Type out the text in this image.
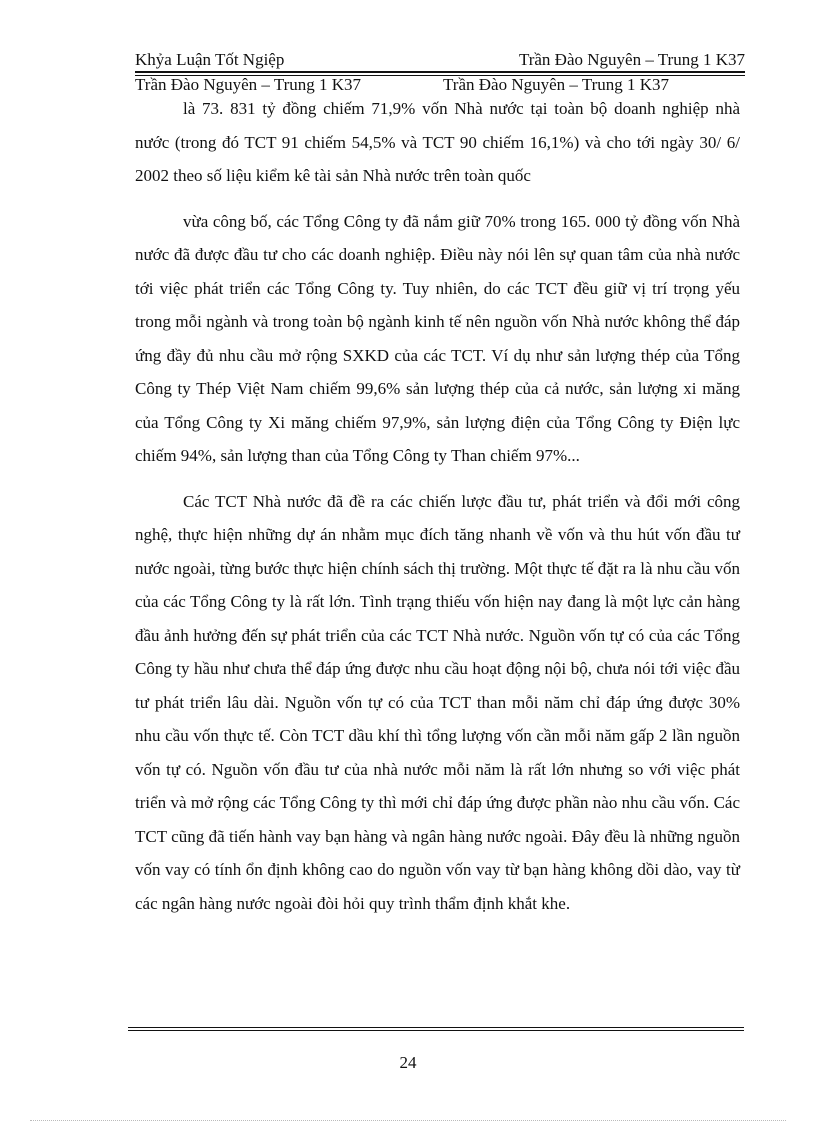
Khỷa Luận Tốt Ngiệp	Trần Đào Nguyên – Trung 1 K37
Trần Đào Nguyên – Trung 1 K37	Trần Đào Nguyên – Trung 1 K37

là 73. 831 tỷ đồng chiếm 71,9% vốn Nhà nước tại toàn bộ doanh nghiệp nhà nước (trong đó TCT 91 chiếm 54,5% và TCT 90 chiếm 16,1%) và cho tới ngày 30/ 6/ 2002 theo số liệu kiểm kê tài sản Nhà nước trên toàn quốc

vừa công bố, các Tổng Công ty đã nắm giữ 70% trong 165. 000 tỷ đồng vốn Nhà nước đã được đầu tư cho các doanh nghiệp. Điều này nói lên sự quan tâm của nhà nước tới việc phát triển các Tổng Công ty. Tuy nhiên, do các TCT đều giữ vị trí trọng yếu trong mỗi ngành và trong toàn bộ ngành kinh tế nên nguồn vốn Nhà nước không thể đáp ứng đầy đủ nhu cầu mở rộng SXKD của các TCT. Ví dụ như sản lượng thép của Tổng Công ty Thép Việt Nam chiếm 99,6% sản lượng thép của cả nước, sản lượng xi măng của Tổng Công ty Xi măng chiếm 97,9%, sản lượng điện của Tổng Công ty Điện lực chiếm 94%, sản lượng than của Tổng Công ty Than chiếm 97%...

Các TCT Nhà nước đã đề ra các chiến lược đầu tư, phát triển và đổi mới công nghệ, thực hiện những dự án nhằm mục đích tăng nhanh về vốn và thu hút vốn đầu tư nước ngoài, từng bước thực hiện chính sách thị trường. Một thực tế đặt ra là nhu cầu vốn của các Tổng Công ty là rất lớn. Tình trạng thiếu vốn hiện nay đang là một lực cản hàng đầu ảnh hưởng đến sự phát triển của các TCT Nhà nước. Nguồn vốn tự có của các Tổng Công ty hầu như chưa thể đáp ứng được nhu cầu hoạt động nội bộ, chưa nói tới việc đầu tư phát triển lâu dài. Nguồn vốn tự có của TCT than mỗi năm chỉ đáp ứng được 30% nhu cầu vốn thực tế. Còn TCT dầu khí thì tổng lượng vốn cần mỗi năm gấp 2 lần nguồn vốn tự có. Nguồn vốn đầu tư của nhà nước mỗi năm là rất lớn nhưng so với việc phát triển và mở rộng các Tổng Công ty thì mới chỉ đáp ứng được phần nào nhu cầu vốn. Các TCT cũng đã tiến hành vay bạn hàng và ngân hàng nước ngoài. Đây đều là những nguồn vốn vay có tính ổn định không cao do nguồn vốn vay từ bạn hàng không dồi dào, vay từ các ngân hàng nước ngoài đòi hỏi quy trình thẩm định khắt khe.

24
